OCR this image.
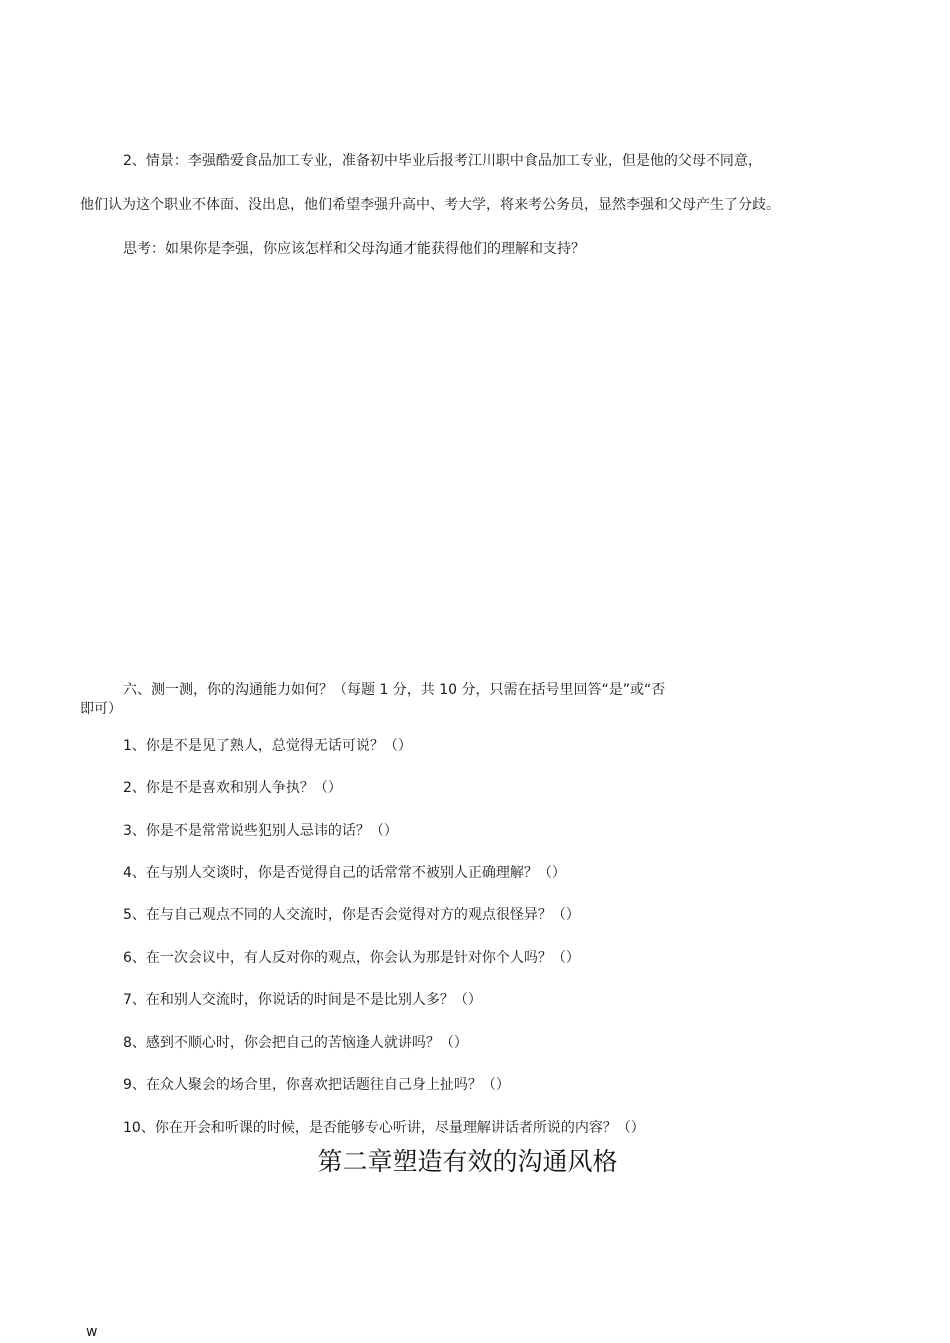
2、情景：李强酷爱食品加工专业，准备初中毕业后报考江川职中食品加工专业，但是他的父母不同意，
他们认为这个职业不体面、没出息，他们希望李强升高中、考大学，将来考公务员，显然李强和父母产生了分歧。
思考：如果你是李强，你应该怎样和父母沟通才能获得他们的理解和支持？
六、测一测，你的沟通能力如何？（每题 1 分，共 10 分，只需在括号里回答“是”或“否
即可）
1、你是不是见了熟人，总觉得无话可说？（）
2、你是不是喜欢和别人争执？（）
3、你是不是常常说些犯别人忌讳的话？（）
4、在与别人交谈时，你是否觉得自己的话常常不被别人正确理解？（）
5、在与自己观点不同的人交流时，你是否会觉得对方的观点很怪异？（）
6、在一次会议中，有人反对你的观点，你会认为那是针对你个人吗？（）
7、在和别人交流时，你说话的时间是不是比别人多？（）
8、感到不顺心时，你会把自己的苦恼逢人就讲吗？（）
9、在众人聚会的场合里，你喜欢把话题往自己身上扯吗？（）
10、你在开会和听课的时候，是否能够专心听讲，尽量理解讲话者所说的内容？（）
第二章塑造有效的沟通风格
w
